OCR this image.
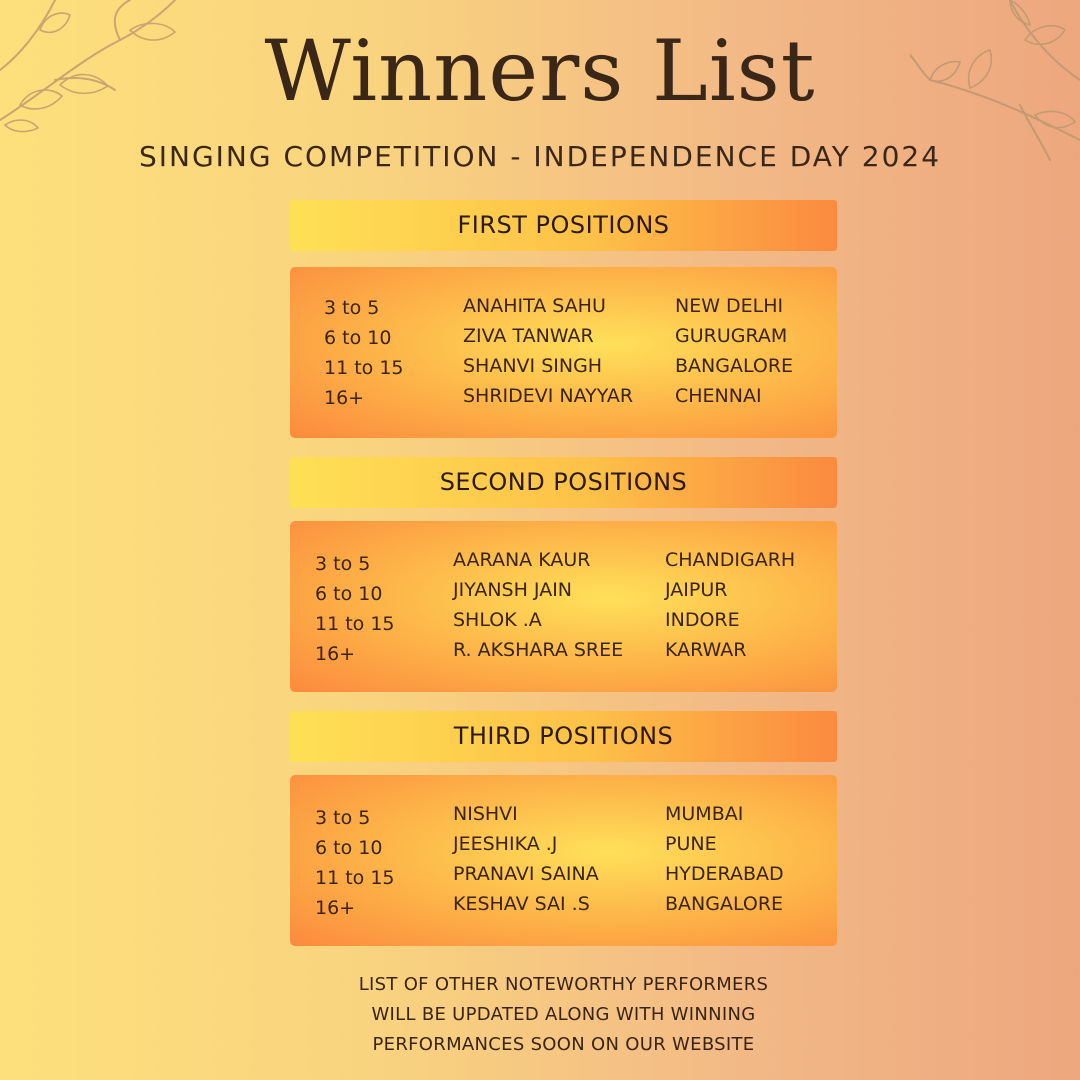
Winners List
SINGING COMPETITION - INDEPENDENCE DAY 2024
FIRST POSITIONS
3 to 5
6 to 10
11 to 15
16+
ANAHITA SAHU
ZIVA TANWAR
SHANVI SINGH
SHRIDEVI NAYYAR
NEW DELHI
GURUGRAM
BANGALORE
CHENNAI
SECOND POSITIONS
3 to 5
6 to 10
11 to 15
16+
AARANA KAUR
JIYANSH JAIN
SHLOK .A
R. AKSHARA SREE
CHANDIGARH
JAIPUR
INDORE
KARWAR
THIRD POSITIONS
3 to 5
6 to 10
11 to 15
16+
NISHVI
JEESHIKA .J
PRANAVI SAINA
KESHAV SAI .S
MUMBAI
PUNE
HYDERABAD
BANGALORE
LIST OF OTHER NOTEWORTHY PERFORMERS
WILL BE UPDATED ALONG WITH WINNING
PERFORMANCES SOON ON OUR WEBSITE
